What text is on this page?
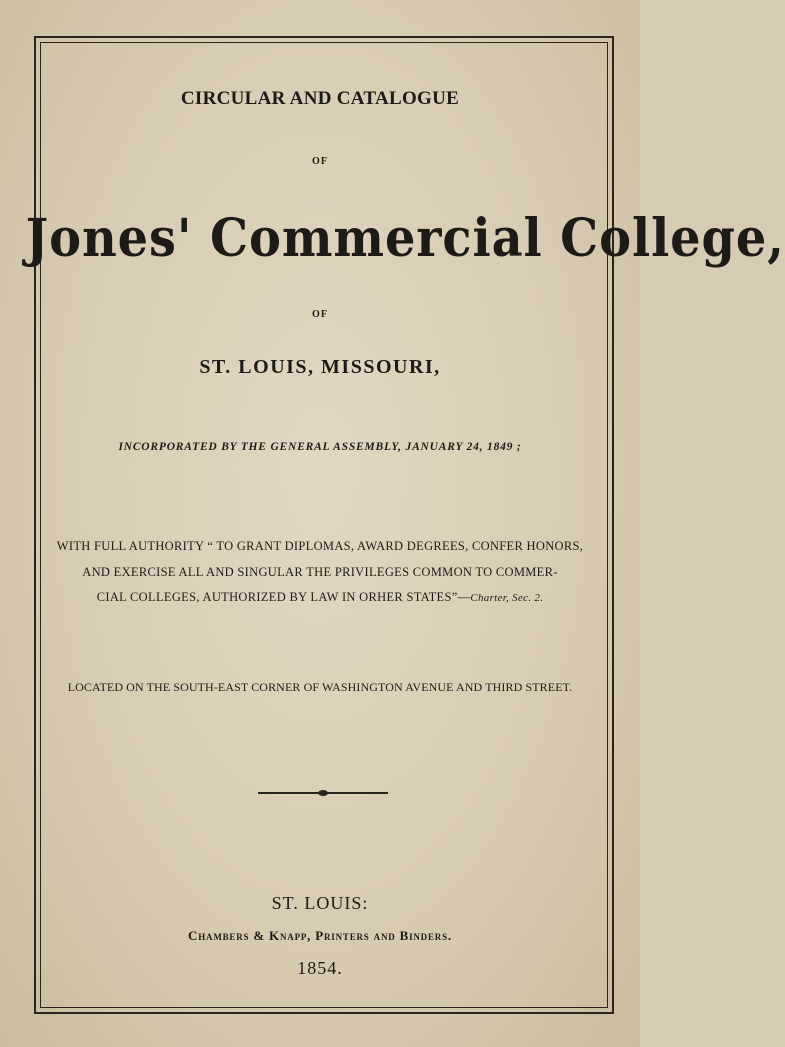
CIRCULAR AND CATALOGUE
OF
Jones' Commercial College,
OF
ST. LOUIS, MISSOURI,
INCORPORATED BY THE GENERAL ASSEMBLY, JANUARY 24, 1849 ;
WITH FULL AUTHORITY “ TO GRANT DIPLOMAS, AWARD DEGREES, CONFER HONORS,
AND EXERCISE ALL AND SINGULAR THE PRIVILEGES COMMON TO COMMER-
CIAL COLLEGES, AUTHORIZED BY LAW IN ORHER STATES”—Charter, Sec. 2.
LOCATED ON THE SOUTH-EAST CORNER OF WASHINGTON AVENUE AND THIRD STREET.
ST. LOUIS:
Chambers & Knapp, Printers and Binders.
1854.
